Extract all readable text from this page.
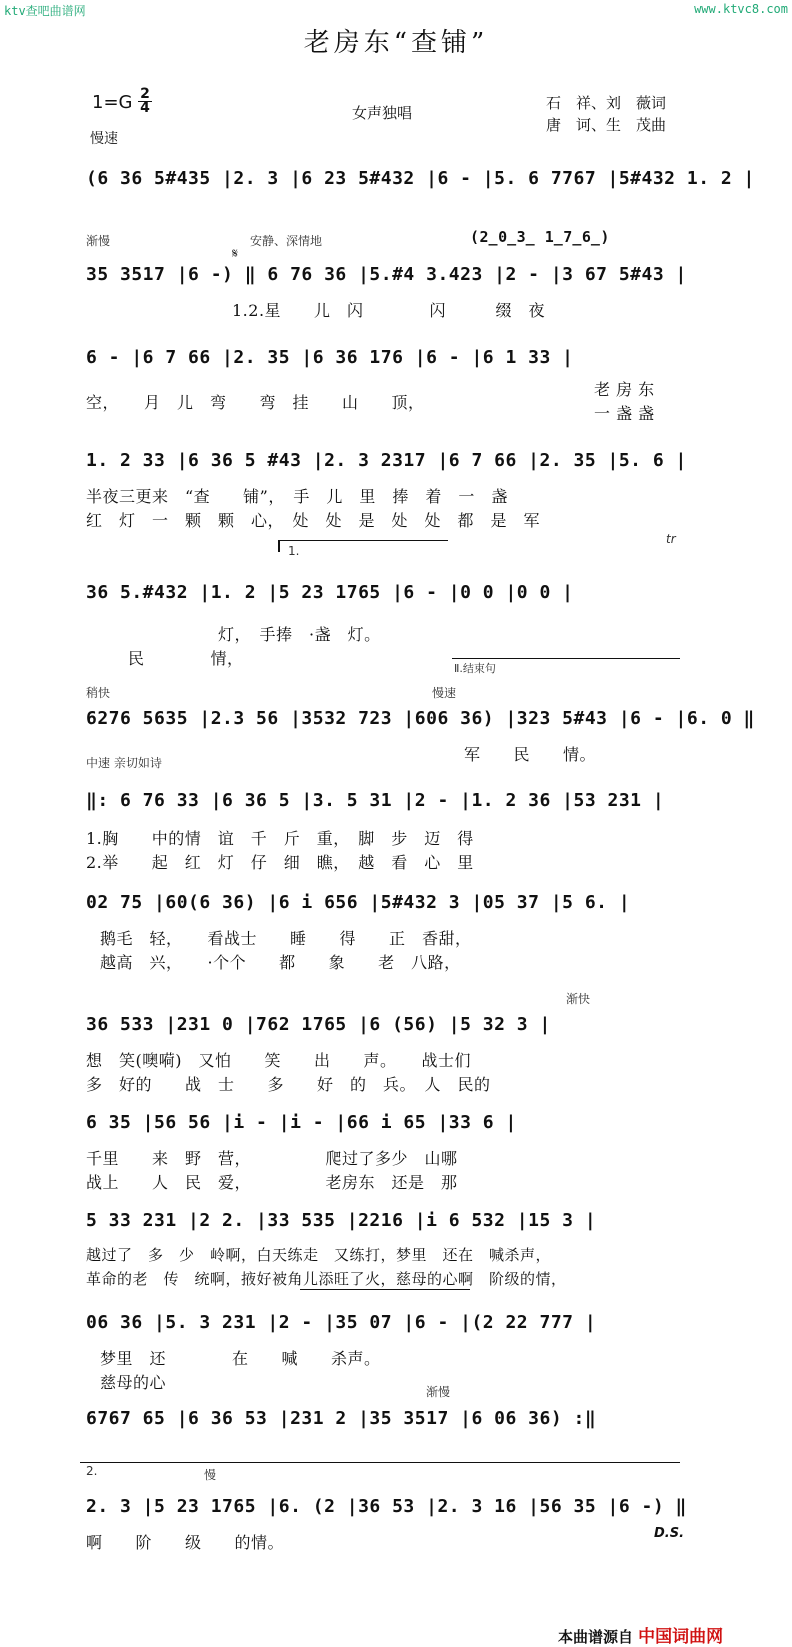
ktv查吧曲谱网	www.ktvc8.com
老房东“查铺”
1=G 2
4	女声独唱
石　祥、刘　薇词
唐　诃、生　茂曲
慢速
渐慢
𝄋
安静、深情地	(2̲0̲3̲ 1̲7̲6̲)
1.
tr
稍快	慢速
Ⅱ.结束句
中速 亲切如诗
渐快
渐慢
慢
2.
D.S.
(6 36 5#435 |2. 3 |6 23 5#432 |6 - |5. 6 7767 |5#432 1. 2 |
35 3517 |6 -) ‖ 6 76 36 |5.#4 3.423 |2 - |3 67 5#43 |
1.2.星　　儿　闪　　　　闪　　　缀　夜
6 - |6 7 66 |2. 35 |6 36 176 |6 - |6 1 33 |
空，　　月　儿　弯　　弯　挂　　山　　顶，
老 房 东
一 盏 盏
1. 2 33 |6 36 5 #43 |2. 3 2317 |6 7 66 |2. 35 |5. 6 |
半夜三更来　“查　　铺”，　手　儿　里　捧　着　一　盏
红　灯　一　颗　颗　心，　处　处　是　处　处　都　是　军
36 5.#432 |1. 2 |5 23 1765 |6 - |0 0 |0 0 |
灯，　手捧　·盏　灯。
民　　　　情，
6276 5635 |2.3 56 |3532 723 |606 36) |323 5#43 |6 - |6. 0 ‖
军　　民　　情。
‖: 6 76 33 |6 36 5 |3. 5 31 |2 - |1. 2 36 |53 231 |
1.胸　　中的情　谊　千　斤　重，　脚　步　迈　得
2.举　　起　红　灯　仔　细　瞧，　越　看　心　里
02 75 |60(6 36) |6 i 656 |5#432 3 |05 37 |5 6. |
鹅毛　轻，　　看战士　　睡　　得　　正　香甜，
越高　兴，　　·个个　　都　　象　　老　八路，
36 533 |231 0 |762 1765 |6 (56) |5 32 3 |
想　笑(噢嗬)　又怕　　笑　　出　　声。　　战士们
多　好的　　战　士　　多　　好　的　兵。　人　民的
6 35 |56 56 |i - |i - |66 i 65 |33 6 |
千里　　来　野　营，　　　　　爬过了多少　山哪
战上　　人　民　爱，　　　　　老房东　还是　那
5 33 231 |2 2. |33 535 |2216 |i 6 532 |15 3 |
越过了　多　少　岭啊，白天练走　又练打，梦里　还在　喊杀声，
革命的老　传　统啊，掖好被角儿添旺了火，慈母的心啊　阶级的情，
06 36 |5. 3 231 |2 - |35 07 |6 - |(2 22 777 |
梦里　还　　　　在　　喊　　杀声。
慈母的心
6767 65 |6 36 53 |231 2 |35 3517 |6 06 36) :‖
2. 3 |5 23 1765 |6. (2 |36 53 |2. 3 16 |56 35 |6 -) ‖
啊　　阶　　级　　的情。
本曲谱源自 中国词曲网
